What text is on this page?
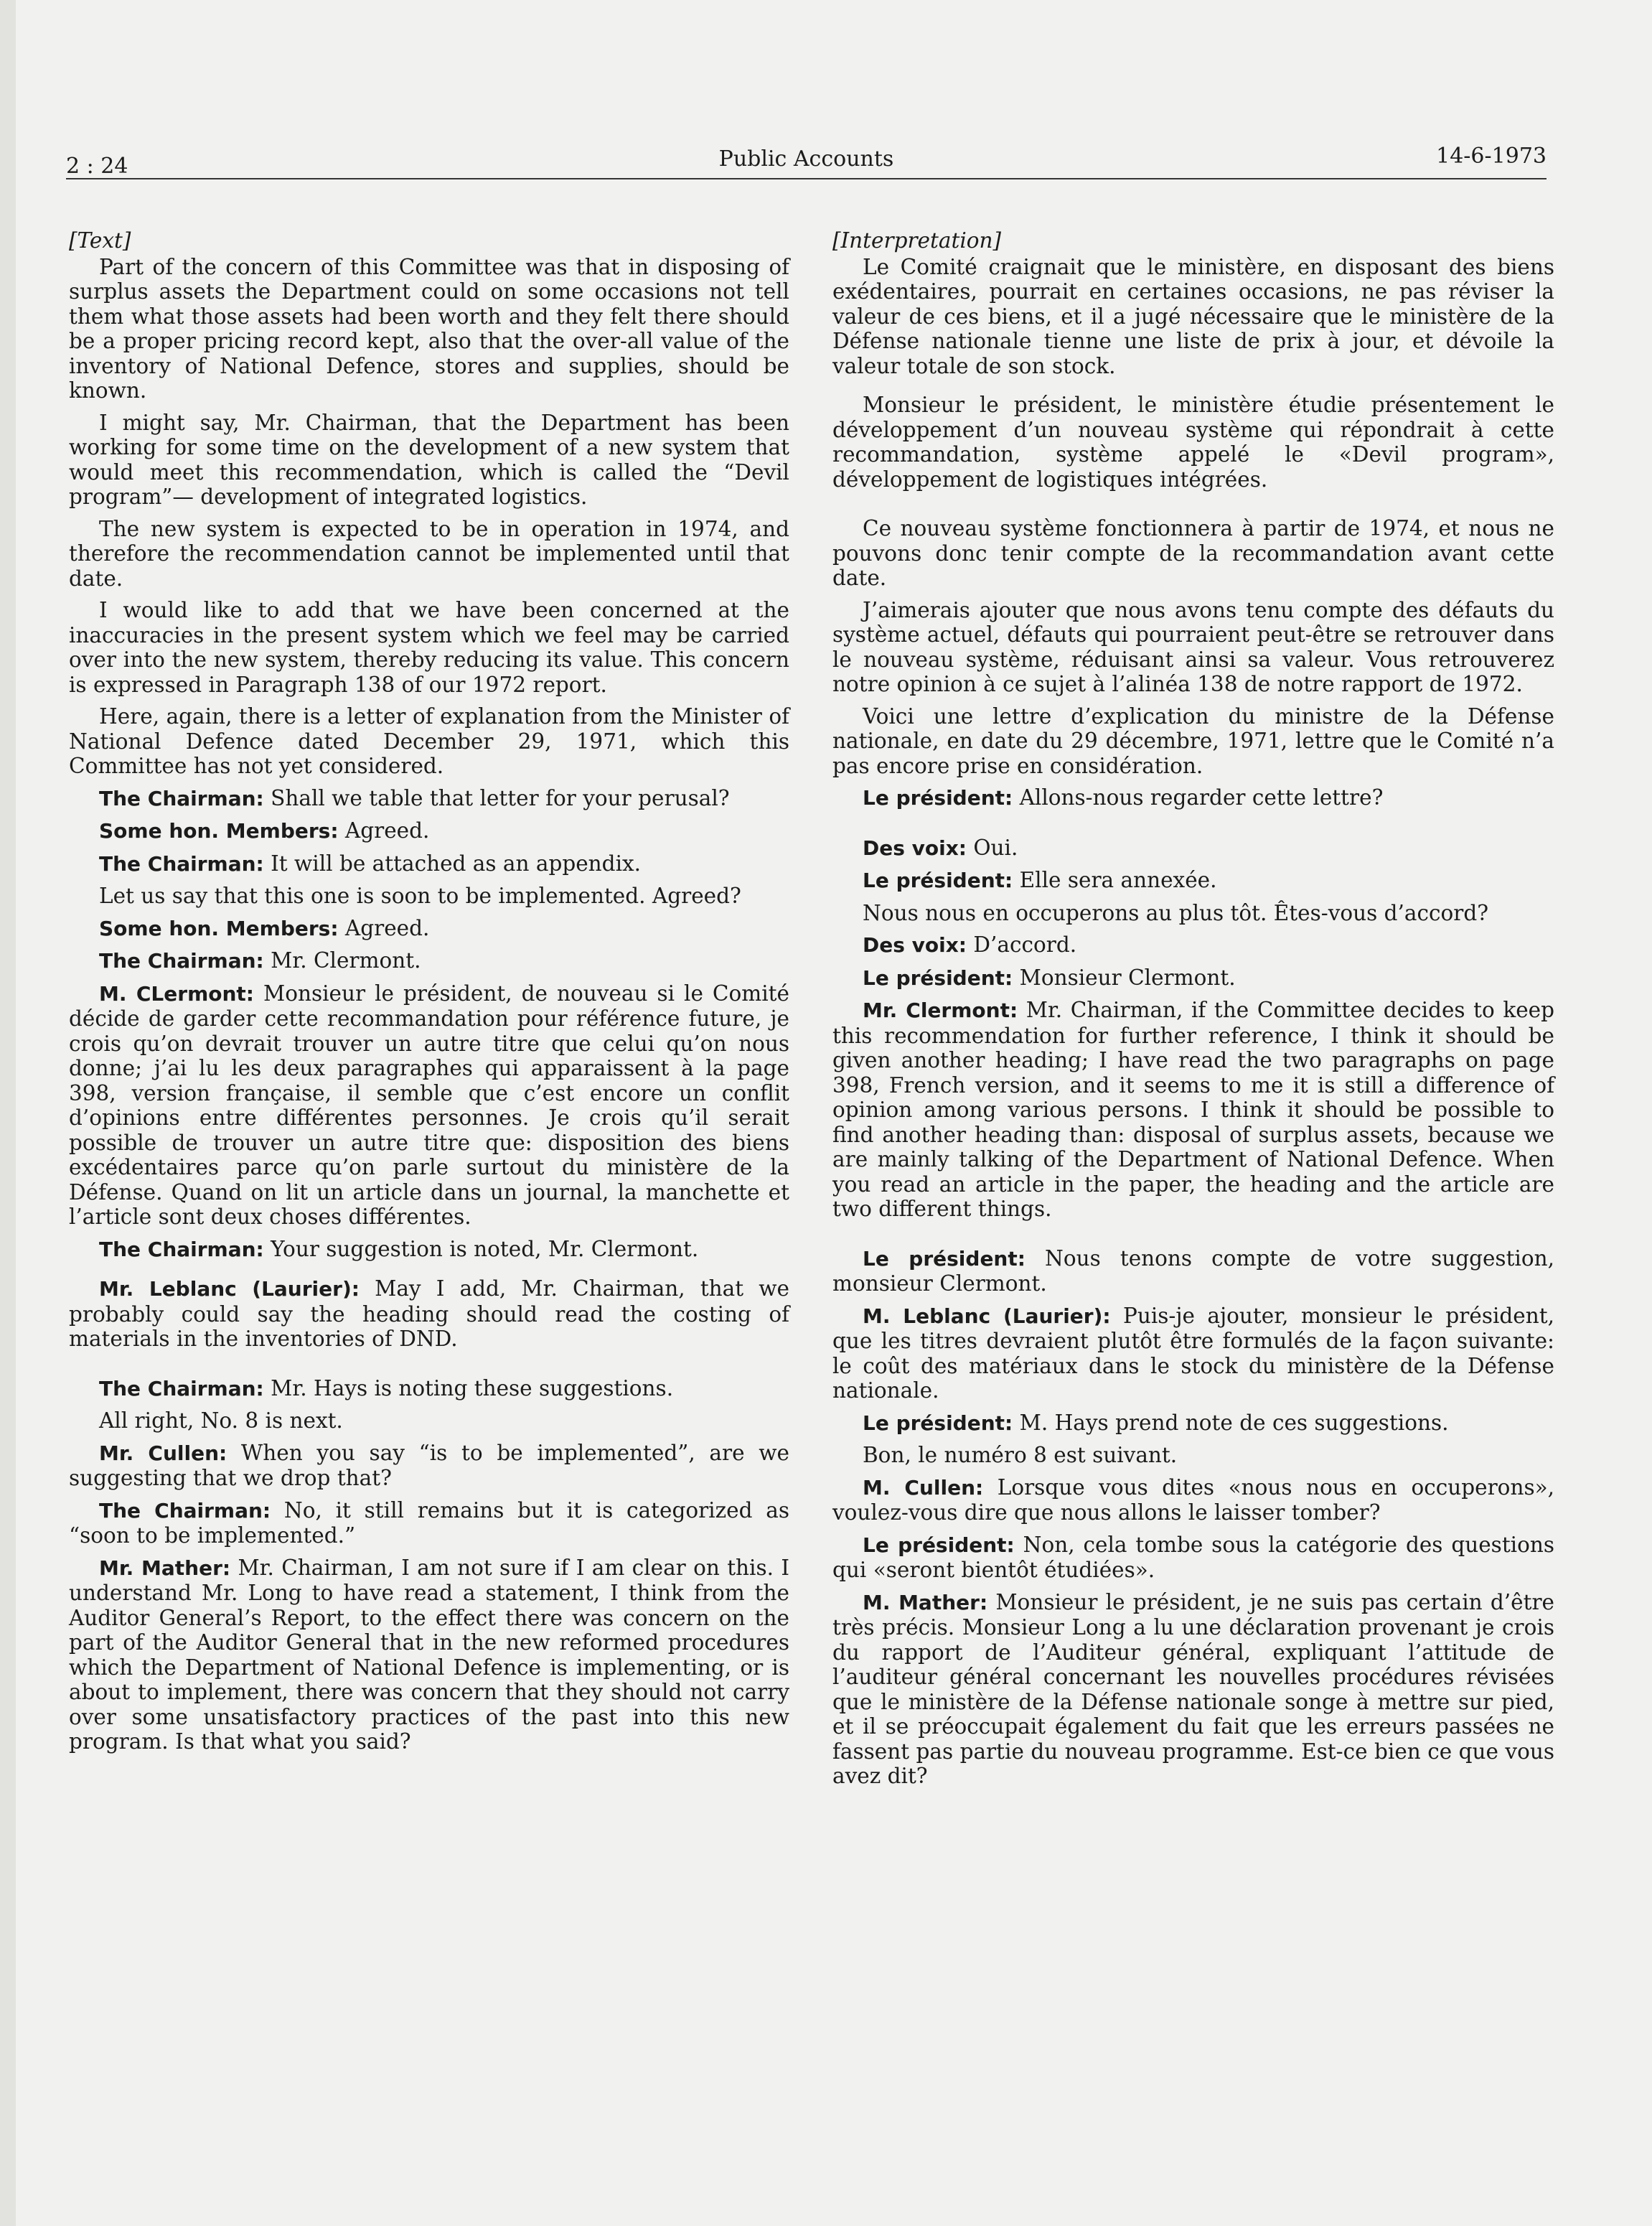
2 : 24	Public Accounts	14-6-1973

[Text]

Part of the concern of this Committee was that in disposing of surplus assets the Department could on some occasions not tell them what those assets had been worth and they felt there should be a proper pricing record kept, also that the over-all value of the inventory of National Defence, stores and supplies, should be known.

I might say, Mr. Chairman, that the Department has been working for some time on the development of a new system that would meet this recommendation, which is called the “Devil program”— development of integrated logistics.

The new system is expected to be in operation in 1974, and therefore the recommendation cannot be implemented until that date.

I would like to add that we have been concerned at the inaccuracies in the present system which we feel may be carried over into the new system, thereby reducing its value. This concern is expressed in Paragraph 138 of our 1972 report.

Here, again, there is a letter of explanation from the Minister of National Defence dated December 29, 1971, which this Committee has not yet considered.

The Chairman: Shall we table that letter for your perusal?

Some hon. Members: Agreed.

The Chairman: It will be attached as an appendix.

Let us say that this one is soon to be implemented. Agreed?

Some hon. Members: Agreed.

The Chairman: Mr. Clermont.

M. CLermont: Monsieur le président, de nouveau si le Comité décide de garder cette recommandation pour référence future, je crois qu’on devrait trouver un autre titre que celui qu’on nous donne; j’ai lu les deux paragraphes qui apparaissent à la page 398, version française, il semble que c’est encore un conflit d’opinions entre différentes personnes. Je crois qu’il serait possible de trouver un autre titre que: disposition des biens excédentaires parce qu’on parle surtout du ministère de la Défense. Quand on lit un article dans un journal, la manchette et l’article sont deux choses différentes.

The Chairman: Your suggestion is noted, Mr. Clermont.

Mr. Leblanc (Laurier): May I add, Mr. Chairman, that we probably could say the heading should read the costing of materials in the inventories of DND.

The Chairman: Mr. Hays is noting these suggestions.

All right, No. 8 is next.

Mr. Cullen: When you say “is to be implemented”, are we suggesting that we drop that?

The Chairman: No, it still remains but it is categorized as “soon to be implemented.”

Mr. Mather: Mr. Chairman, I am not sure if I am clear on this. I understand Mr. Long to have read a statement, I think from the Auditor General’s Report, to the effect there was concern on the part of the Auditor General that in the new reformed procedures which the Department of National Defence is implementing, or is about to implement, there was concern that they should not carry over some unsatisfactory practices of the past into this new program. Is that what you said?

[Interpretation]

Le Comité craignait que le ministère, en disposant des biens exédentaires, pourrait en certaines occasions, ne pas réviser la valeur de ces biens, et il a jugé nécessaire que le ministère de la Défense nationale tienne une liste de prix à jour, et dévoile la valeur totale de son stock.

Monsieur le président, le ministère étudie présentement le développement d’un nouveau système qui répondrait à cette recommandation, système appelé le «Devil program», développement de logistiques intégrées.

Ce nouveau système fonctionnera à partir de 1974, et nous ne pouvons donc tenir compte de la recommandation avant cette date.

J’aimerais ajouter que nous avons tenu compte des défauts du système actuel, défauts qui pourraient peut-être se retrouver dans le nouveau système, réduisant ainsi sa valeur. Vous retrouverez notre opinion à ce sujet à l’alinéa 138 de notre rapport de 1972.

Voici une lettre d’explication du ministre de la Défense nationale, en date du 29 décembre, 1971, lettre que le Comité n’a pas encore prise en considération.

Le président: Allons-nous regarder cette lettre?

Des voix: Oui.

Le président: Elle sera annexée.

Nous nous en occuperons au plus tôt. Êtes-vous d’accord?

Des voix: D’accord.

Le président: Monsieur Clermont.

Mr. Clermont: Mr. Chairman, if the Committee decides to keep this recommendation for further reference, I think it should be given another heading; I have read the two paragraphs on page 398, French version, and it seems to me it is still a difference of opinion among various persons. I think it should be possible to find another heading than: disposal of surplus assets, because we are mainly talking of the Department of National Defence. When you read an article in the paper, the heading and the article are two different things.

Le président: Nous tenons compte de votre suggestion, monsieur Clermont.

M. Leblanc (Laurier): Puis-je ajouter, monsieur le président, que les titres devraient plutôt être formulés de la façon suivante: le coût des matériaux dans le stock du ministère de la Défense nationale.

Le président: M. Hays prend note de ces suggestions.

Bon, le numéro 8 est suivant.

M. Cullen: Lorsque vous dites «nous nous en occuperons», voulez-vous dire que nous allons le laisser tomber?

Le président: Non, cela tombe sous la catégorie des questions qui «seront bientôt étudiées».

M. Mather: Monsieur le président, je ne suis pas certain d’être très précis. Monsieur Long a lu une déclaration provenant je crois du rapport de l’Auditeur général, expliquant l’attitude de l’auditeur général concernant les nouvelles procédures révisées que le ministère de la Défense nationale songe à mettre sur pied, et il se préoccupait également du fait que les erreurs passées ne fassent pas partie du nouveau programme. Est-ce bien ce que vous avez dit?
